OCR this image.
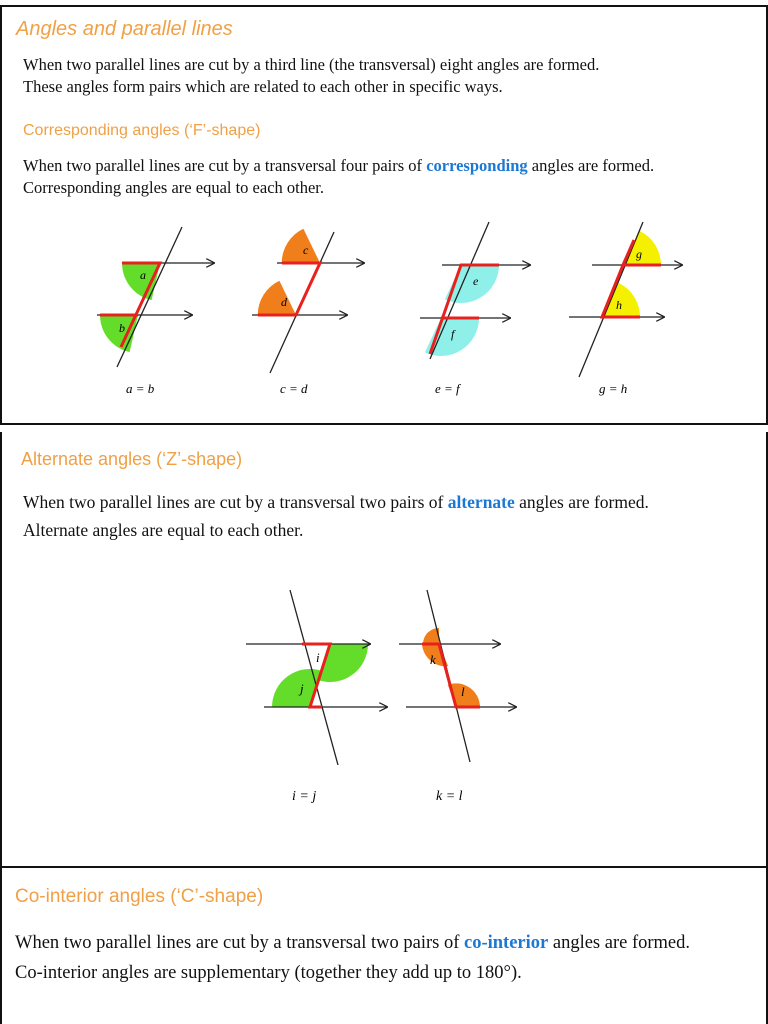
Angles and parallel lines

When two parallel lines are cut by a third line (the transversal) eight angles are formed.

These angles form pairs which are related to each other in specific ways.

Corresponding angles (‘F’-shape)

When two parallel lines are cut by a transversal four pairs of corresponding angles are formed.

Corresponding angles are equal to each other.

a
b
a = b
c
d
c = d
e
f
e = f
g
h
g = h
Alternate angles (‘Z’-shape)

When two parallel lines are cut by a transversal two pairs of alternate angles are formed.

Alternate angles are equal to each other.

i
j
i = j
k
l
k = l
Co-interior angles (‘C’-shape)

When two parallel lines are cut by a transversal two pairs of co-interior angles are formed.

Co-interior angles are supplementary (together they add up to 180°).
